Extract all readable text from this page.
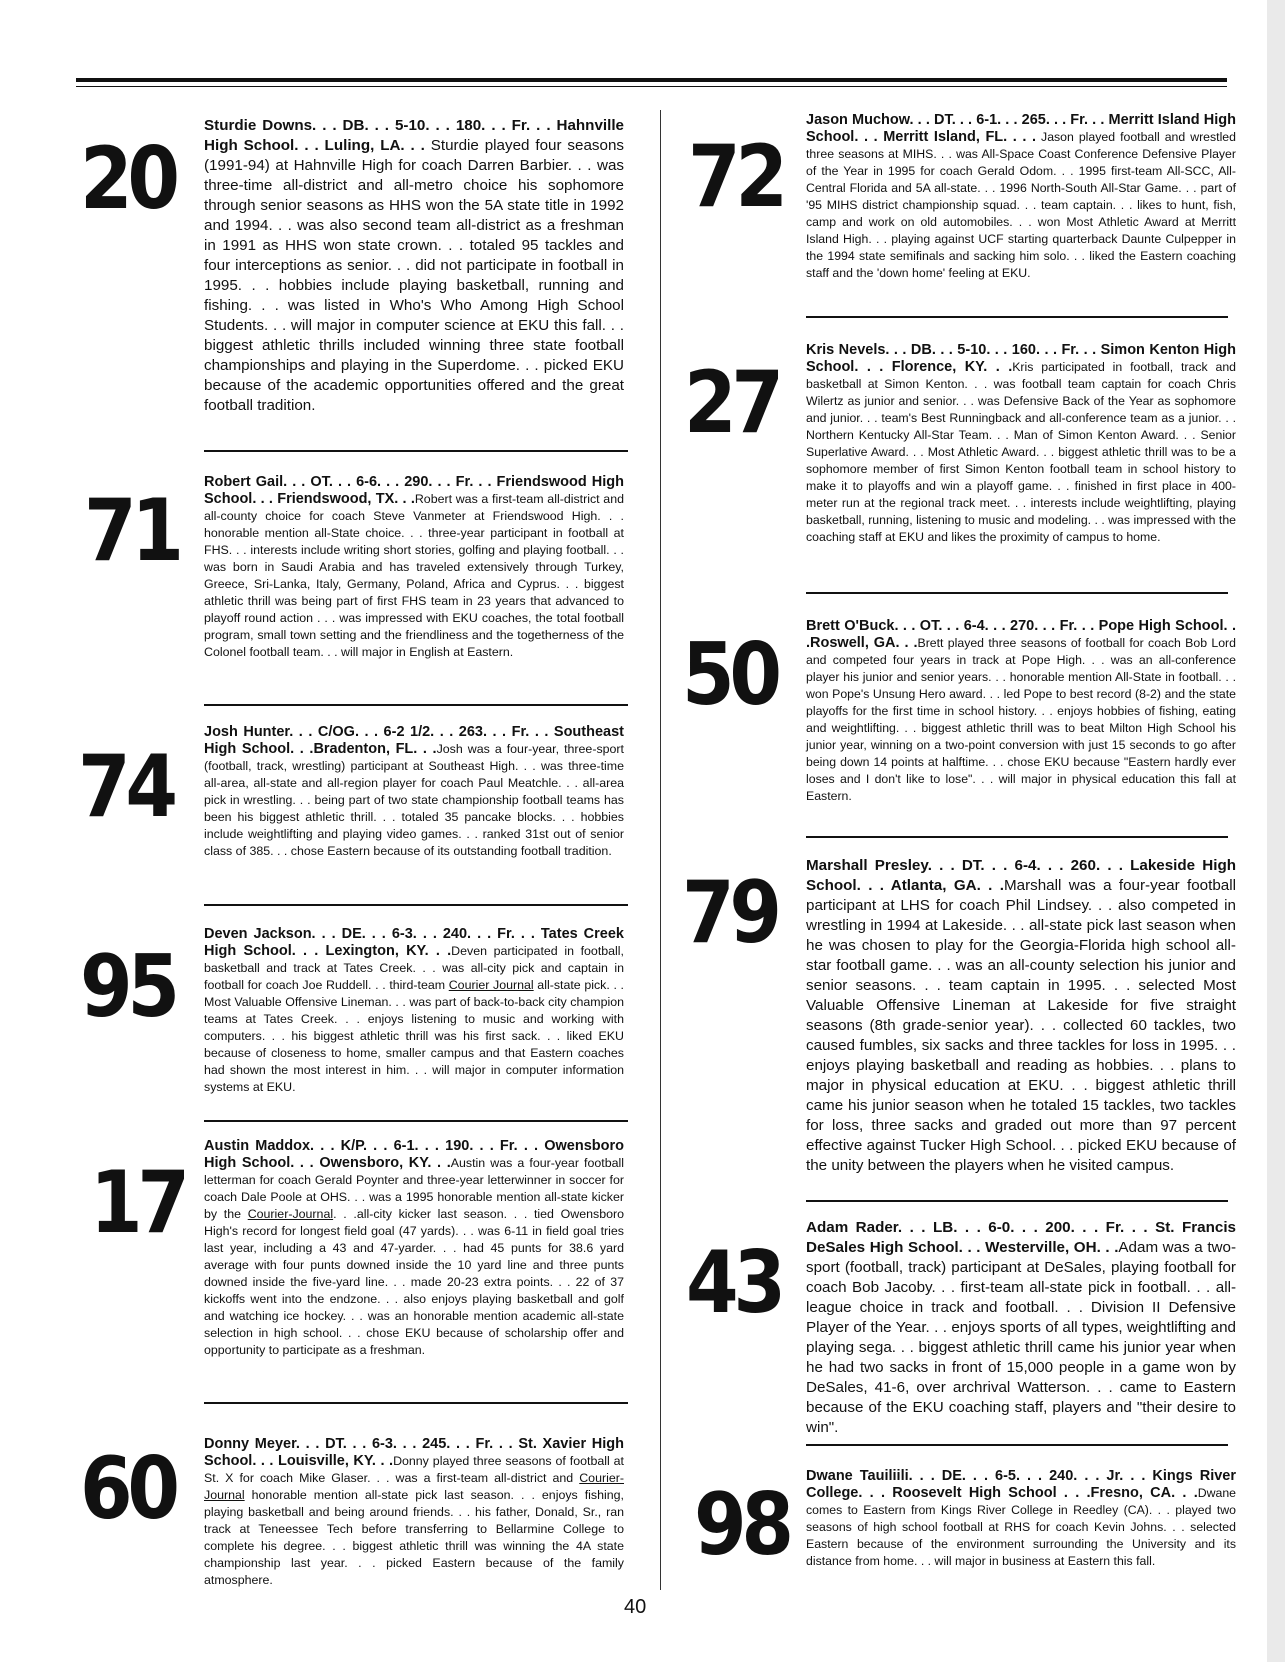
20
Sturdie Downs. . . DB. . . 5-10. . . 180. . . Fr. . . Hahnville High School. . . Luling, LA. . . Sturdie played four seasons (1991-94) at Hahnville High for coach Darren Barbier. . . was three-time all-district and all-metro choice his sophomore through senior seasons as HHS won the 5A state title in 1992 and 1994. . . was also second team all-district as a freshman in 1991 as HHS won state crown. . . totaled 95 tackles and four interceptions as senior. . . did not participate in football in 1995. . . hobbies include playing basketball, running and fishing. . . was listed in Who's Who Among High School Students. . . will major in computer science at EKU this fall. . . biggest athletic thrills included winning three state football championships and playing in the Superdome. . . picked EKU because of the academic opportunities offered and the great football tradition.
71 Robert Gail. . . OT. . . 6-6. . . 290. . . Fr. . . Friendswood High School. . . Friendswood, TX. . .Robert was a first-team all-district and all-county choice for coach Steve Vanmeter at Friendswood High. . . honorable mention all-State choice. . . three-year participant in football at FHS. . . interests include writing short stories, golfing and playing football. . . was born in Saudi Arabia and has traveled extensively through Turkey, Greece, Sri-Lanka, Italy, Germany, Poland, Africa and Cyprus. . . biggest athletic thrill was being part of first FHS team in 23 years that advanced to playoff round action . . . was impressed with EKU coaches, the total football program, small town setting and the friendliness and the togetherness of the Colonel football team. . . will major in English at Eastern.
74
Josh Hunter. . . C/OG. . . 6-2 1/2. . . 263. . . Fr. . . Southeast High School. . .Bradenton, FL. . .Josh was a four-year, three-sport (football, track, wrestling) participant at Southeast High. . . was three-time all-area, all-state and all-region player for coach Paul Meatchle. . . all-area pick in wrestling. . . being part of two state championship football teams has been his biggest athletic thrill. . . totaled 35 pancake blocks. . . hobbies include weightlifting and playing video games. . . ranked 31st out of senior class of 385. . . chose Eastern because of its outstanding football tradition.
95
Deven Jackson. . . DE. . . 6-3. . . 240. . . Fr. . . Tates Creek High School. . . Lexington, KY. . .Deven participated in football, basketball and track at Tates Creek. . . was all-city pick and captain in football for coach Joe Ruddell. . . third-team Courier Journal all-state pick. . . Most Valuable Offensive Lineman. . . was part of back-to-back city champion teams at Tates Creek. . . enjoys listening to music and working with computers. . . his biggest athletic thrill was his first sack. . . liked EKU because of closeness to home, smaller campus and that Eastern coaches had shown the most interest in him. . . will major in computer information systems at EKU.
17
Austin Maddox. . . K/P. . . 6-1. . . 190. . . Fr. . . Owensboro High School. . . Owensboro, KY. . .Austin was a four-year football letterman for coach Gerald Poynter and three-year letterwinner in soccer for coach Dale Poole at OHS. . . was a 1995 honorable mention all-state kicker by the Courier-Journal. . .all-city kicker last season. . . tied Owensboro High's record for longest field goal (47 yards). . . was 6-11 in field goal tries last year, including a 43 and 47-yarder. . . had 45 punts for 38.6 yard average with four punts downed inside the 10 yard line and three punts downed inside the five-yard line. . . made 20-23 extra points. . . 22 of 37 kickoffs went into the endzone. . . also enjoys playing basketball and golf and watching ice hockey. . . was an honorable mention academic all-state selection in high school. . . chose EKU because of scholarship offer and opportunity to participate as a freshman.
60 Donny Meyer. . . DT. . . 6-3. . . 245. . . Fr. . . St. Xavier High School. . . Louisville, KY. . .Donny played three seasons of football at St. X for coach Mike Glaser. . . was a first-team all-district and Courier-Journal honorable mention all-state pick last season. . . enjoys fishing, playing basketball and being around friends. . . his father, Donald, Sr., ran track at Teneessee Tech before transferring to Bellarmine College to complete his degree. . . biggest athletic thrill was winning the 4A state championship last year. . . picked Eastern because of the family atmosphere.
72
Jason Muchow. . . DT. . . 6-1. . . 265. . . Fr. . . Merritt Island High School. . . Merritt Island, FL. . . . Jason played football and wrestled three seasons at MIHS. . . was All-Space Coast Conference Defensive Player of the Year in 1995 for coach Gerald Odom. . . 1995 first-team All-SCC, All-Central Florida and 5A all-state. . . 1996 North-South All-Star Game. . . part of '95 MIHS district championship squad. . . team captain. . . likes to hunt, fish, camp and work on old automobiles. . . won Most Athletic Award at Merritt Island High. . . playing against UCF starting quarterback Daunte Culpepper in the 1994 state semifinals and sacking him solo. . . liked the Eastern coaching staff and the 'down home' feeling at EKU.
27
Kris Nevels. . . DB. . . 5-10. . . 160. . . Fr. . . Simon Kenton High School. . . Florence, KY. . .Kris participated in football, track and basketball at Simon Kenton. . . was football team captain for coach Chris Wilertz as junior and senior. . . was Defensive Back of the Year as sophomore and junior. . . team's Best Runningback and all-conference team as a junior. . . Northern Kentucky All-Star Team. . . Man of Simon Kenton Award. . . Senior Superlative Award. . . Most Athletic Award. . . biggest athletic thrill was to be a sophomore member of first Simon Kenton football team in school history to make it to playoffs and win a playoff game. . . finished in first place in 400-meter run at the regional track meet. . . interests include weightlifting, playing basketball, running, listening to music and modeling. . . was impressed with the coaching staff at EKU and likes the proximity of campus to home.
50 Brett O'Buck. . . OT. . . 6-4. . . 270. . . Fr. . . Pope High School. . .Roswell, GA. . .Brett played three seasons of football for coach Bob Lord and competed four years in track at Pope High. . . was an all-conference player his junior and senior years. . . honorable mention All-State in football. . . won Pope's Unsung Hero award. . . led Pope to best record (8-2) and the state playoffs for the first time in school history. . . enjoys hobbies of fishing, eating and weightlifting. . . biggest athletic thrill was to beat Milton High School his junior year, winning on a two-point conversion with just 15 seconds to go after being down 14 points at halftime. . . chose EKU because "Eastern hardly ever loses and I don't like to lose". . . will major in physical education this fall at Eastern.
79 Marshall Presley. . . DT. . . 6-4. . . 260. . . Lakeside High School. . . Atlanta, GA. . .Marshall was a four-year football participant at LHS for coach Phil Lindsey. . . also competed in wrestling in 1994 at Lakeside. . . all-state pick last season when he was chosen to play for the Georgia-Florida high school all-star football game. . . was an all-county selection his junior and senior seasons. . . team captain in 1995. . . selected Most Valuable Offensive Lineman at Lakeside for five straight seasons (8th grade-senior year). . . collected 60 tackles, two caused fumbles, six sacks and three tackles for loss in 1995. . . enjoys playing basketball and reading as hobbies. . . plans to major in physical education at EKU. . . biggest athletic thrill came his junior season when he totaled 15 tackles, two tackles for loss, three sacks and graded out more than 97 percent effective against Tucker High School. . . picked EKU because of the unity between the players when he visited campus.
43
Adam Rader. . . LB. . . 6-0. . . 200. . . Fr. . . St. Francis DeSales High School. . . Westerville, OH. . .Adam was a two-sport (football, track) participant at DeSales, playing football for coach Bob Jacoby. . . first-team all-state pick in football. . . all-league choice in track and football. . . Division II Defensive Player of the Year. . . enjoys sports of all types, weightlifting and playing sega. . . biggest athletic thrill came his junior year when he had two sacks in front of 15,000 people in a game won by DeSales, 41-6, over archrival Watterson. . . came to Eastern because of the EKU coaching staff, players and "their desire to win".
98 Dwane Tauiliili. . . DE. . . 6-5. . . 240. . . Jr. . . Kings River College. . . Roosevelt High School . . .Fresno, CA. . .Dwane comes to Eastern from Kings River College in Reedley (CA). . . played two seasons of high school football at RHS for coach Kevin Johns. . . selected Eastern because of the environment surrounding the University and its distance from home. . . will major in business at Eastern this fall.
40
